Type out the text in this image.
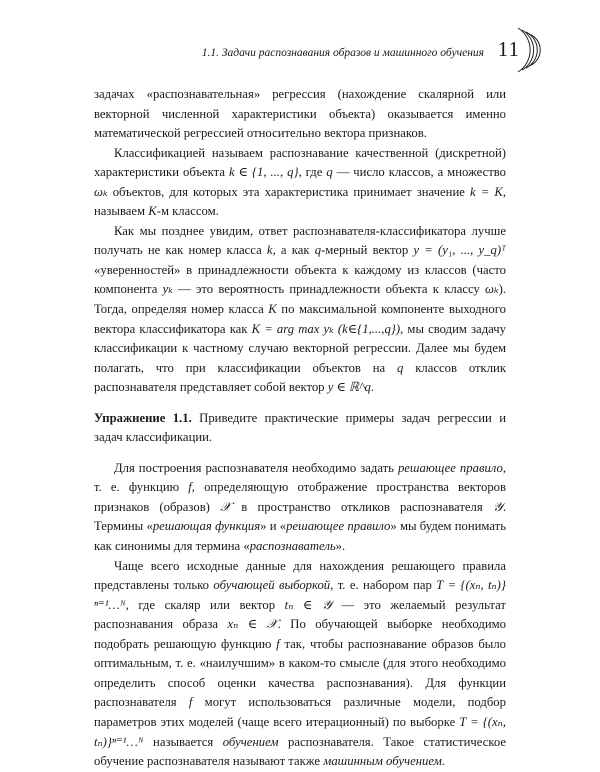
1.1. Задачи распознавания образов и машинного обучения 11

задачах «распознавательная» регрессия (нахождение скалярной или векторной численной характеристики объекта) оказывается именно математической регрессией относительно вектора признаков.

Классификацией называем распознавание качественной (дискретной) характеристики объекта k ∈ {1, ..., q}, где q — число классов, а множество ωₖ объектов, для которых эта характеристика принимает значение k = K, называем K-м классом.

Как мы позднее увидим, ответ распознавателя-классификатора лучше получать не как номер класса k, а как q-мерный вектор y = (y₁, ..., y_q)ᵀ «уверенностей» в принадлежности объекта к каждому из классов (часто компонента yₖ — это вероятность принадлежности объекта к классу ωₖ). Тогда, определяя номер класса K по максимальной компоненте выходного вектора классификатора как K = arg max yₖ (k∈{1,...,q}), мы сводим задачу классификации к частному случаю векторной регрессии. Далее мы будем полагать, что при классификации объектов на q классов отклик распознавателя представляет собой вектор y ∈ ℝ^q.

Упражнение 1.1. Приведите практические примеры задач регрессии и задач классификации.

Для построения распознавателя необходимо задать решающее правило, т. е. функцию f, определяющую отображение пространства векторов признаков (образов) 𝒳 в пространство откликов распознавателя 𝒴. Термины «решающая функция» и «решающее правило» мы будем понимать как синонимы для термина «распознаватель».

Чаще всего исходные данные для нахождения решающего правила представлены только обучающей выборкой, т. е. набором пар T = {(xₙ, tₙ)}ⁿ⁼¹…ᴺ, где скаляр или вектор tₙ ∈ 𝒴 — это желаемый результат распознавания образа xₙ ∈ 𝒳. По обучающей выборке необходимо подобрать решающую функцию f так, чтобы распознавание образов было оптимальным, т. е. «наилучшим» в каком-то смысле (для этого необходимо определить способ оценки качества распознавания). Для функции распознавателя f могут использоваться различные модели, подбор параметров этих моделей (чаще всего итерационный) по выборке T = {(xₙ, tₙ)}ⁿ⁼¹…ᴺ называется обучением распознавателя. Такое статистическое обучение распознавателя называют также машинным обучением.
